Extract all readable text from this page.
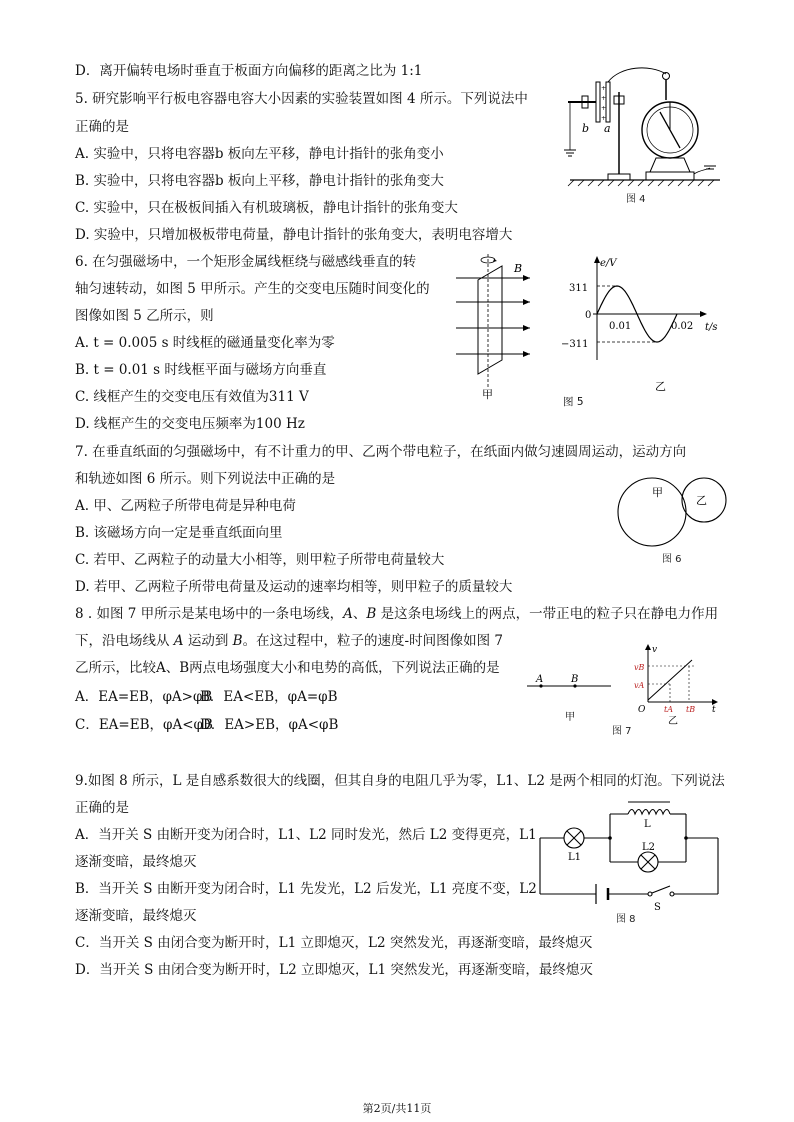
D．离开偏转电场时垂直于板面方向偏移的距离之比为 1:1
5. 研究影响平行板电容器电容大小因素的实验装置如图 4 所示。下列说法中
正确的是
A. 实验中，只将电容器b 板向左平移，静电计指针的张角变小
B. 实验中，只将电容器b 板向上平移，静电计指针的张角变大
C. 实验中，只在极板间插入有机玻璃板，静电计指针的张角变大
D. 实验中，只增加极板带电荷量，静电计指针的张角变大，表明电容增大
+
+
+
+
b a
图 4
6. 在匀强磁场中，一个矩形金属线框绕与磁感线垂直的转
轴匀速转动，如图 5 甲所示。产生的交变电压随时间变化的
图像如图 5 乙所示，则
A. t = 0.005 s 时线框的磁通量变化率为零
B. t = 0.01 s 时线框平面与磁场方向垂直
C. 线框产生的交变电压有效值为311 V
D. 线框产生的交变电压频率为100 Hz
B
甲
e/V
t/s
311
0
−311
0.01	0.02
乙
图 5
7. 在垂直纸面的匀强磁场中，有不计重力的甲、乙两个带电粒子，在纸面内做匀速圆周运动，运动方向
和轨迹如图 6 所示。则下列说法中正确的是
A. 甲、乙两粒子所带电荷是异种电荷
B. 该磁场方向一定是垂直纸面向里
C. 若甲、乙两粒子的动量大小相等，则甲粒子所带电荷量较大
D. 若甲、乙两粒子所带电荷量及运动的速率均相等，则甲粒子的质量较大
甲
乙
图 6
8 . 如图 7 甲所示是某电场中的一条电场线，A、B 是这条电场线上的两点，一带正电的粒子只在静电力作用
下，沿电场线从 A 运动到 B。在这过程中，粒子的速度-时间图像如图 7
乙所示，比较A、B两点电场强度大小和电势的高低，下列说法正确的是
A．EA=EB，φA>φB
B．EA<EB，φA=φB
C．EA=EB，φA<φB
D．EA>EB，φA<φB
A	B
甲
v
t
O
vB
vA
tA tB
乙
图 7
9.如图 8 所示，L 是自感系数很大的线圈，但其自身的电阻几乎为零，L1、L2 是两个相同的灯泡。下列说法
正确的是
A．当开关 S 由断开变为闭合时，L1、L2 同时发光，然后 L2 变得更亮，L1
逐渐变暗，最终熄灭
B．当开关 S 由断开变为闭合时，L1 先发光，L2 后发光，L1 亮度不变，L2
逐渐变暗，最终熄灭
C．当开关 S 由闭合变为断开时，L1 立即熄灭，L2 突然发光，再逐渐变暗，最终熄灭
D．当开关 S 由闭合变为断开时，L2 立即熄灭，L1 突然发光，再逐渐变暗，最终熄灭
L
L1
L2
S
图 8
第2页/共11页
